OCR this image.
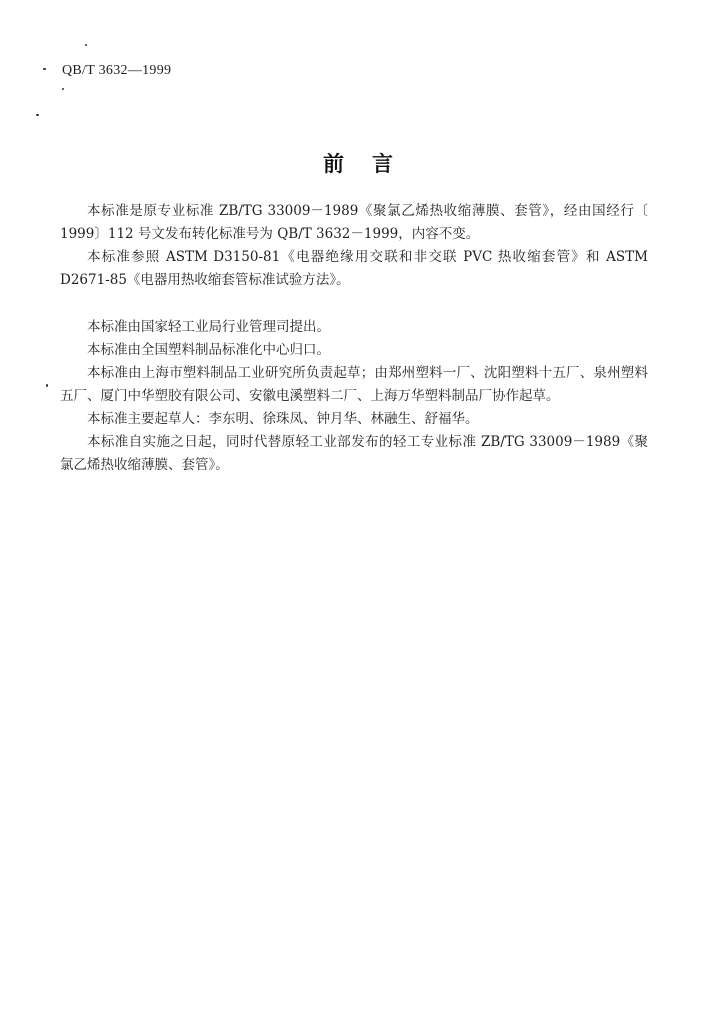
QB/T 3632—1999
前言

本标准是原专业标准 ZB/TG 33009－1989《聚氯乙烯热收缩薄膜、套管》，经由国经行〔 1999〕112 号文发布转化标准号为 QB/T 3632－1999，内容不变。

本标准参照 ASTM D3150-81《电器绝缘用交联和非交联 PVC 热收缩套管》和 ASTM D2671-85《电器用热收缩套管标准试验方法》。

本标准由国家轻工业局行业管理司提出。

本标准由全国塑料制品标准化中心归口。

本标准由上海市塑料制品工业研究所负责起草；由郑州塑料一厂、沈阳塑料十五厂、泉州塑料五厂、厦门中华塑胶有限公司、安徽电溪塑料二厂、上海万华塑料制品厂协作起草。

本标准主要起草人：李东明、徐珠凤、钟月华、林融生、舒福华。

本标准自实施之日起，同时代替原轻工业部发布的轻工专业标准 ZB/TG 33009－1989《聚氯乙烯热收缩薄膜、套管》。
